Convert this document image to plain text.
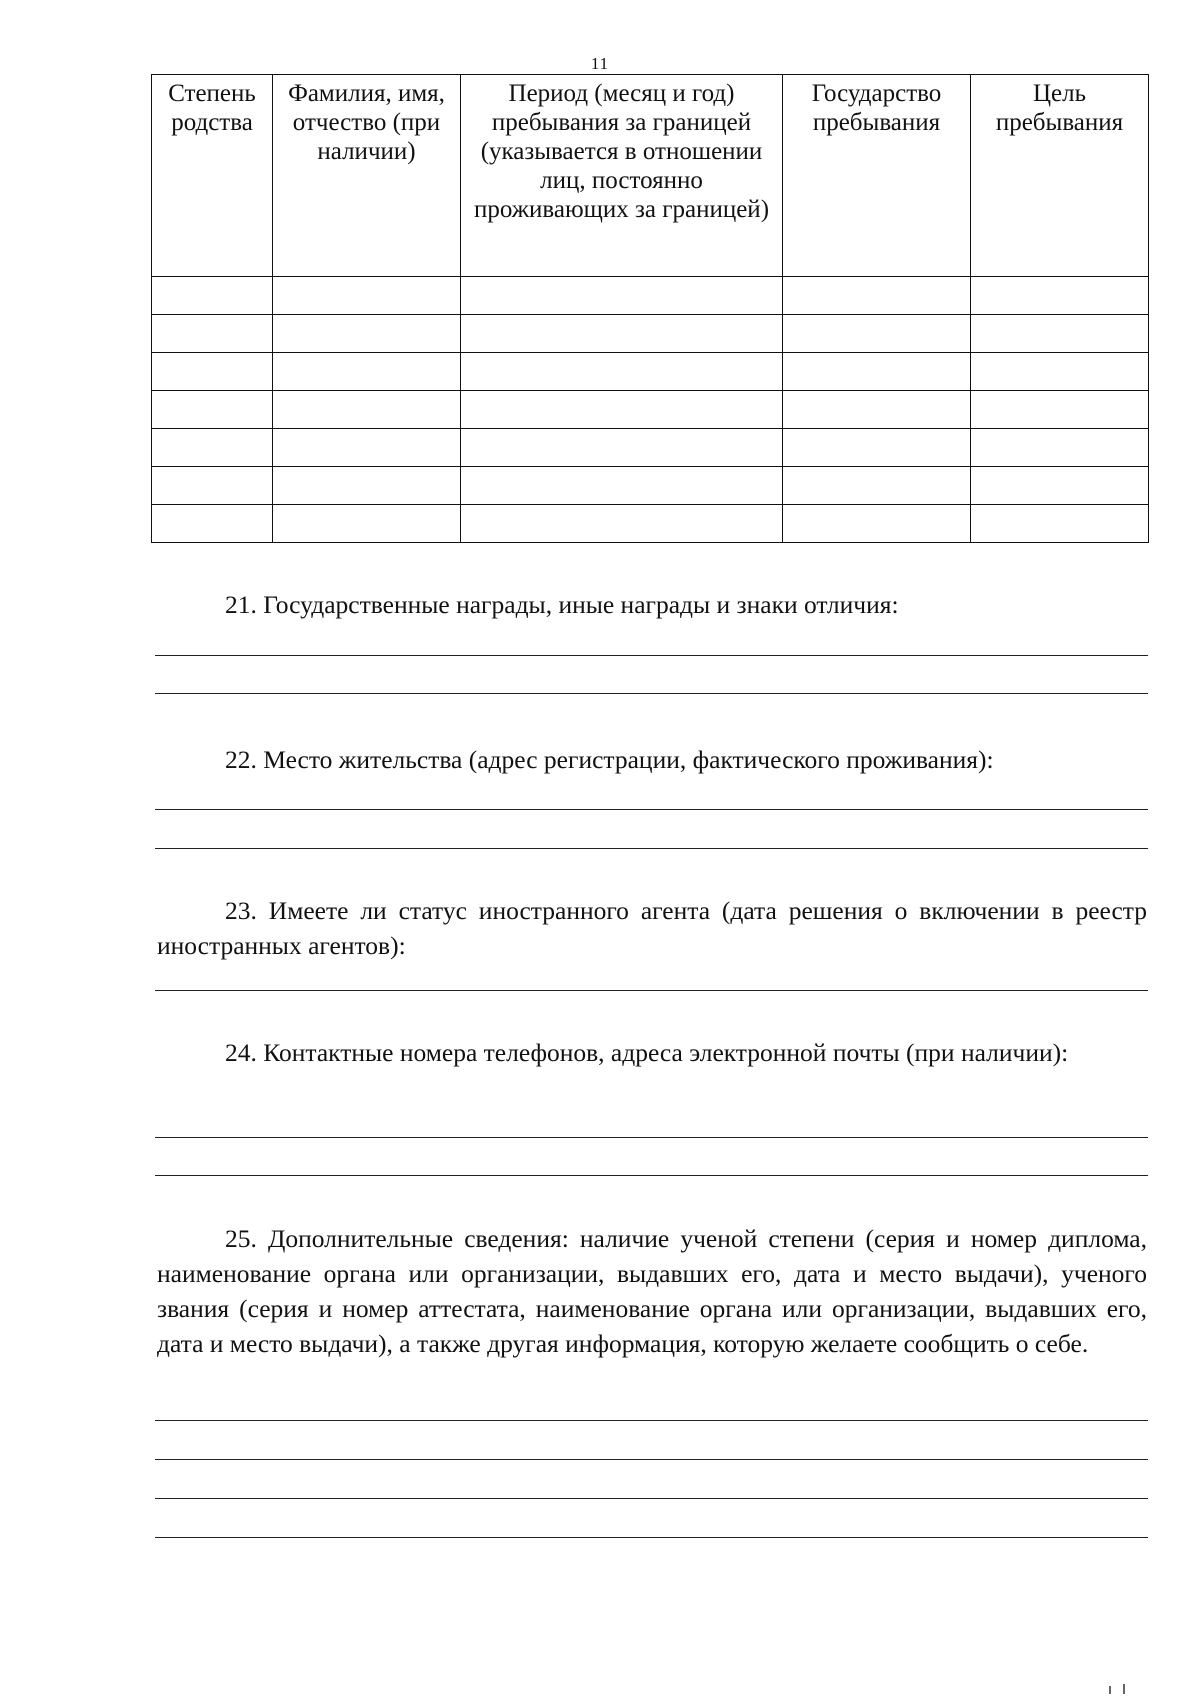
11
Степень родства	Фамилия, имя, отчество (при наличии)	Период (месяц и год) пребывания за границей (указывается в отношении лиц, постоянно проживающих за границей)	Государство пребывания	Цель пребывания

21. Государственные награды, иные награды и знаки отличия:

22. Место жительства (адрес регистрации, фактического проживания):

23. Имеете ли статус иностранного агента (дата решения о включении в реестр иностранных агентов):

24. Контактные номера телефонов, адреса электронной почты (при наличии):

25. Дополнительные сведения: наличие ученой степени (серия и номер диплома, наименование органа или организации, выдавших его, дата и место выдачи), ученого звания (серия и номер аттестата, наименование органа или организации, выдавших его, дата и место выдачи), а также другая информация, которую желаете сообщить о себе.
